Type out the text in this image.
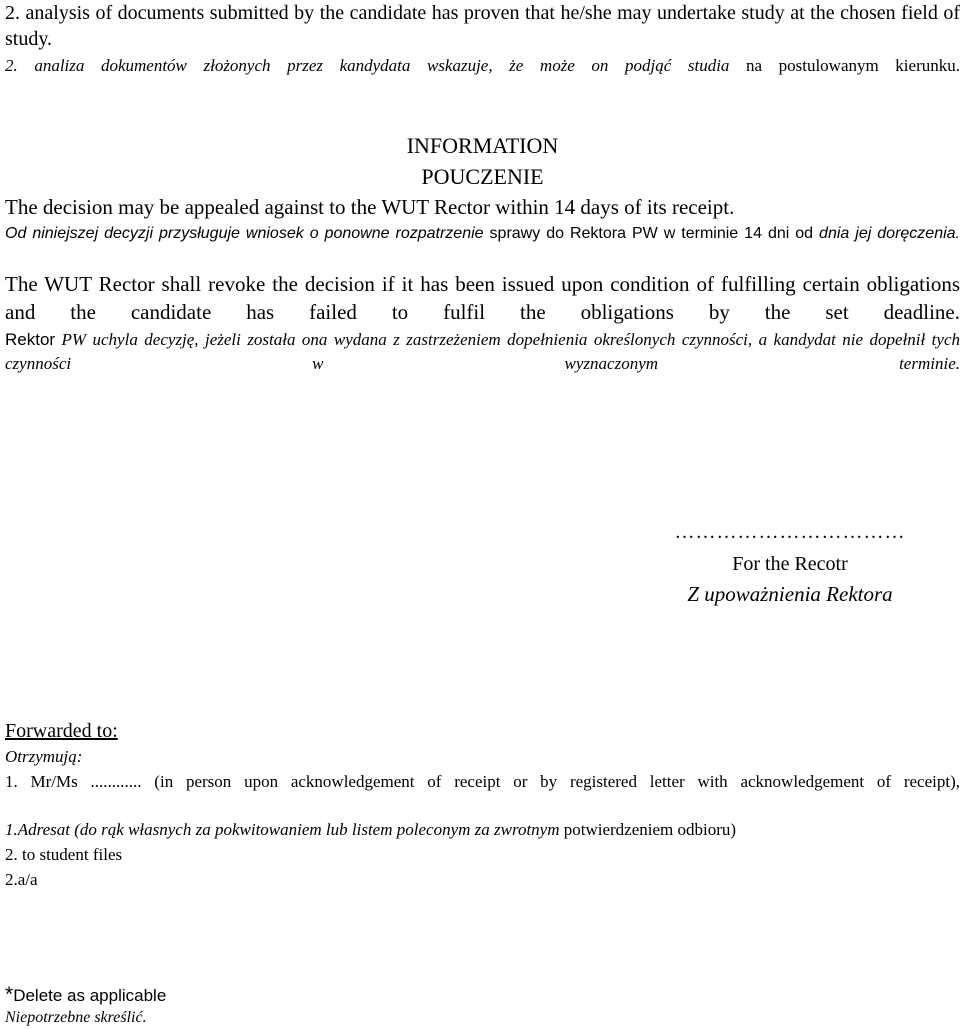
2. analysis of documents submitted by the candidate has proven that he/she may undertake study at the chosen field of study.
2. analiza dokumentów złożonych przez kandydata wskazuje, że może on podjąć studia na postulowanym kierunku.
INFORMATION
POUCZENIE
The decision may be appealed against to the WUT Rector within 14 days of its receipt.
Od niniejszej decyzji przysługuje wniosek o ponowne rozpatrzenie sprawy do Rektora PW w terminie 14 dni od dnia jej doręczenia.
The WUT Rector shall revoke the decision if it has been issued upon condition of fulfilling certain obligations and the candidate has failed to fulfil the obligations by the set deadline.
Rektor PW uchyla decyzję, jeżeli została ona wydana z zastrzeżeniem dopełnienia określonych czynności, a kandydat nie dopełnił tych czynności w wyznaczonym terminie.
……………………………
For the Recotr
Z upoważnienia Rektora
Forwarded to:
Otrzymują:
1. Mr/Ms ............ (in person upon acknowledgement of receipt or by registered letter with acknowledgement of receipt),
1.Adresat (do rąk własnych za pokwitowaniem lub listem poleconym za zwrotnym potwierdzeniem odbioru)
2. to student files
2.a/a
*Delete as applicable
Niepotrzebne skreślić.
